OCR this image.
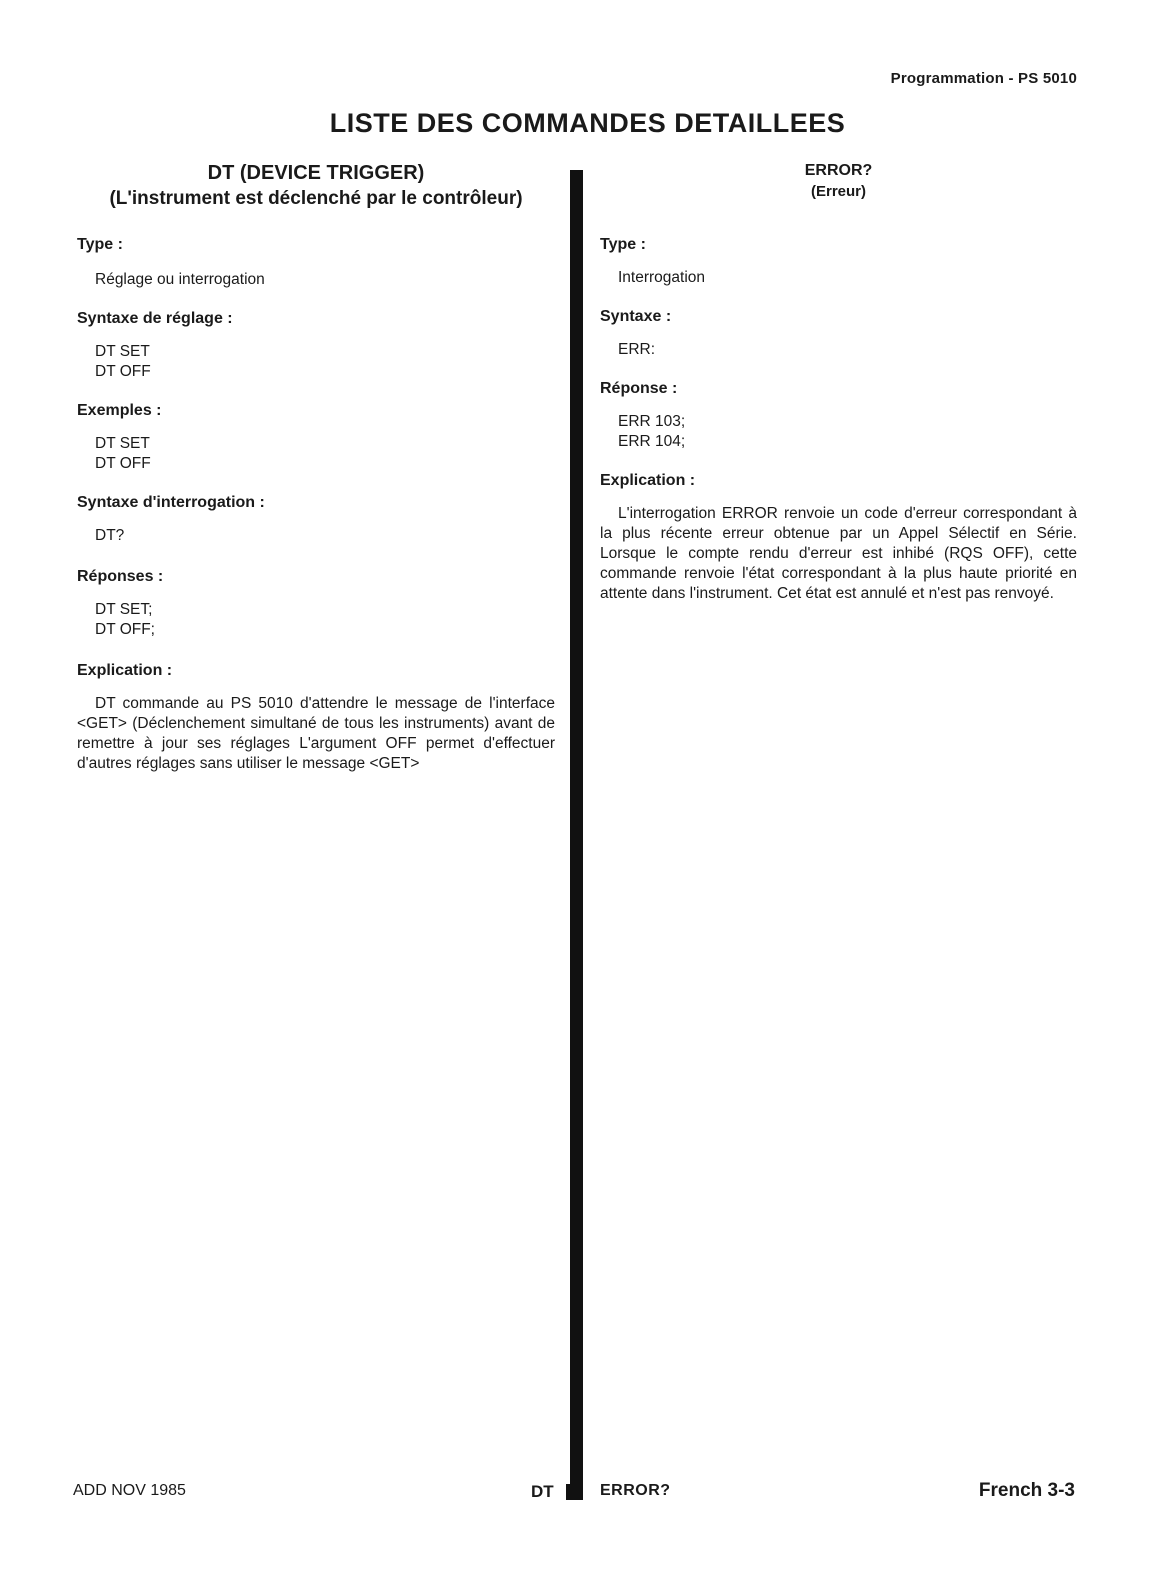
Programmation - PS 5010
LISTE DES COMMANDES DETAILLEES

DT (DEVICE TRIGGER)

(L'instrument est déclenché par le contrôleur)

Type :

Réglage ou interrogation

Syntaxe de réglage :

DT SET

DT OFF

Exemples :

DT SET

DT OFF

Syntaxe d'interrogation :

DT?

Réponses :

DT SET;

DT OFF;

Explication :

DT commande au PS 5010 d'attendre le message de l'interface <GET> (Déclenchement simultané de tous les instruments) avant de remettre à jour ses réglages L'argument OFF permet d'effectuer d'autres réglages sans utiliser le message <GET>

ERROR?

(Erreur)

Type :

Interrogation

Syntaxe :

ERR:

Réponse :

ERR 103;

ERR 104;

Explication :

L'interrogation ERROR renvoie un code d'erreur correspondant à la plus récente erreur obtenue par un Appel Sélectif en Série. Lorsque le compte rendu d'erreur est inhibé (RQS OFF), cette commande renvoie l'état correspondant à la plus haute priorité en attente dans l'instrument. Cet état est annulé et n'est pas renvoyé.

ADD NOV 1985	DT	ERROR?	French 3-3
